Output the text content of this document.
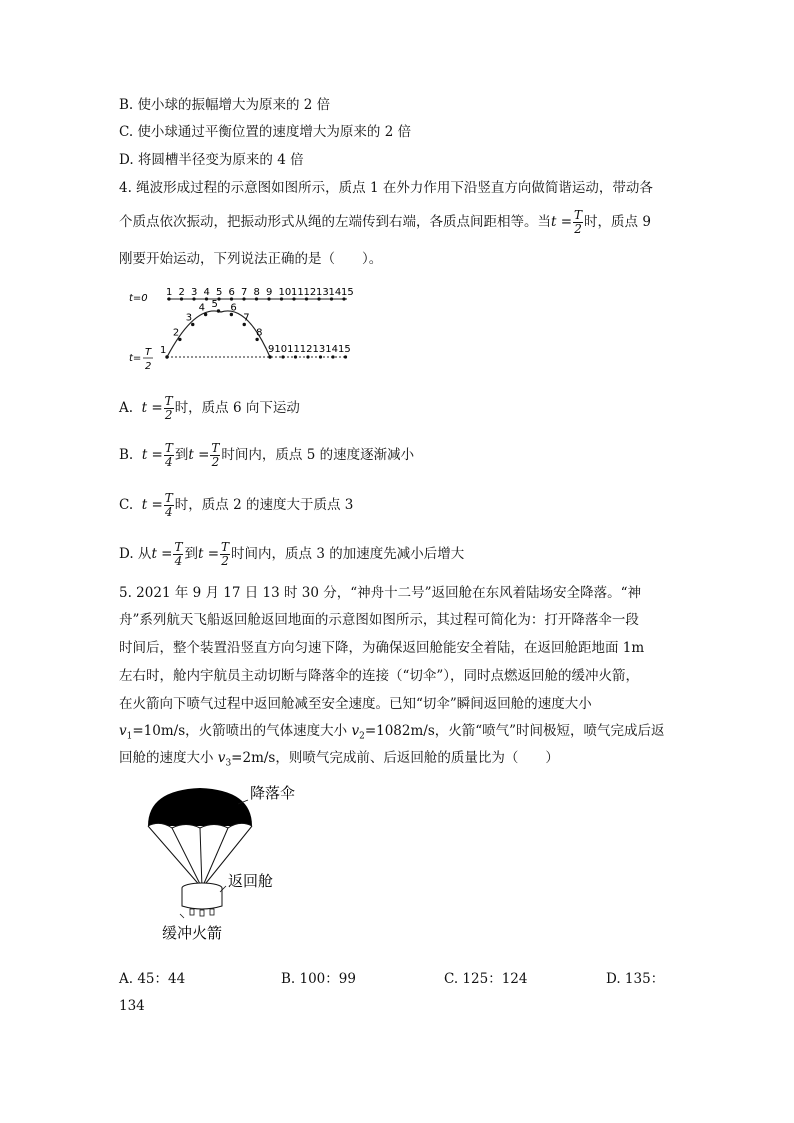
B. 使小球的振幅增大为原来的 2 倍
C. 使小球通过平衡位置的速度增大为原来的 2 倍
D. 将圆槽半径变为原来的 4 倍
4. 绳波形成过程的示意图如图所示，质点 1 在外力作用下沿竖直方向做简谐运动，带动各
个质点依次振动，把振动形式从绳的左端传到右端，各质点间距相等。当$t = \frac{T}{2}$ 时，质点 9
刚要开始运动，下列说法正确的是（　　）。
t=0
1 2 3 4 5 6 7 8 9 10 11 12 13 14 15
1
2
3
4 5 6
7
8
9101112131415
t=
T
2
A. $t = \frac{T}{2}$ 时，质点 6 向下运动
B. $t = \frac{T}{4}$ 到$t = \frac{T}{2}$ 时间内，质点 5 的速度逐渐减小
C. $t = \frac{T}{4}$ 时，质点 2 的速度大于质点 3
D. 从$t = \frac{T}{4}$ 到$t = \frac{T}{2}$ 时间内，质点 3 的加速度先减小后增大
5. 2021 年 9 月 17 日 13 时 30 分，“神舟十二号”返回舱在东风着陆场安全降落。“神
舟”系列航天飞船返回舱返回地面的示意图如图所示，其过程可简化为：打开降落伞一段
时间后，整个装置沿竖直方向匀速下降，为确保返回舱能安全着陆，在返回舱距地面 1m
左右时，舱内宇航员主动切断与降落伞的连接（“切伞”），同时点燃返回舱的缓冲火箭，
在火箭向下喷气过程中返回舱减至安全速度。已知“切伞”瞬间返回舱的速度大小
$v_1=10m/s$，火箭喷出的气体速度大小 $v_2=1082m/s$，火箭“喷气”时间极短，喷气完成后返
回舱的速度大小 $v_3=2m/s$，则喷气完成前、后返回舱的质量比为（　　）
降落伞
返回舱
缓冲火箭
A. 45：44	B. 100：99	C. 125：124	D. 135：
134
